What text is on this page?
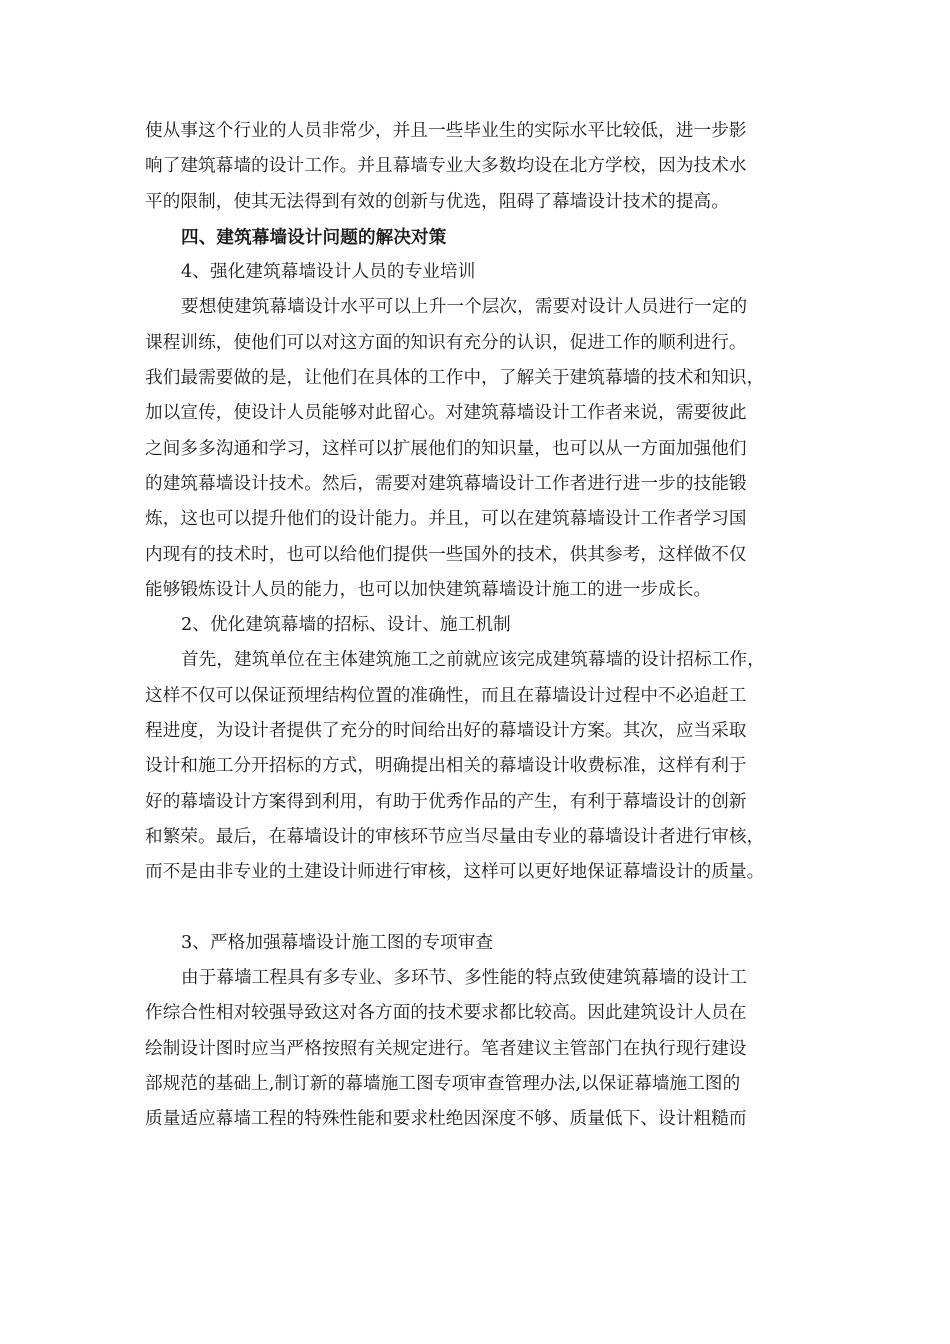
使从事这个行业的人员非常少，并且一些毕业生的实际水平比较低，进一步影
响了建筑幕墙的设计工作。并且幕墙专业大多数均设在北方学校，因为技术水
平的限制，使其无法得到有效的创新与优选，阻碍了幕墙设计技术的提高。
四、建筑幕墙设计问题的解决对策
4、强化建筑幕墙设计人员的专业培训
要想使建筑幕墙设计水平可以上升一个层次，需要对设计人员进行一定的
课程训练，使他们可以对这方面的知识有充分的认识，促进工作的顺利进行。
我们最需要做的是，让他们在具体的工作中，了解关于建筑幕墙的技术和知识，
加以宣传，使设计人员能够对此留心。对建筑幕墙设计工作者来说，需要彼此
之间多多沟通和学习，这样可以扩展他们的知识量，也可以从一方面加强他们
的建筑幕墙设计技术。然后，需要对建筑幕墙设计工作者进行进一步的技能锻
炼，这也可以提升他们的设计能力。并且，可以在建筑幕墙设计工作者学习国
内现有的技术时，也可以给他们提供一些国外的技术，供其参考，这样做不仅
能够锻炼设计人员的能力，也可以加快建筑幕墙设计施工的进一步成长。
2、优化建筑幕墙的招标、设计、施工机制
首先，建筑单位在主体建筑施工之前就应该完成建筑幕墙的设计招标工作，
这样不仅可以保证预埋结构位置的准确性，而且在幕墙设计过程中不必追赶工
程进度，为设计者提供了充分的时间给出好的幕墙设计方案。其次，应当采取
设计和施工分开招标的方式，明确提出相关的幕墙设计收费标准，这样有利于
好的幕墙设计方案得到利用，有助于优秀作品的产生，有利于幕墙设计的创新
和繁荣。最后，在幕墙设计的审核环节应当尽量由专业的幕墙设计者进行审核，
而不是由非专业的土建设计师进行审核，这样可以更好地保证幕墙设计的质量。
3、严格加强幕墙设计施工图的专项审查
由于幕墙工程具有多专业、多环节、多性能的特点致使建筑幕墙的设计工
作综合性相对较强导致这对各方面的技术要求都比较高。因此建筑设计人员在
绘制设计图时应当严格按照有关规定进行。笔者建议主管部门在执行现行建设
部规范的基础上,制订新的幕墙施工图专项审查管理办法,以保证幕墙施工图的
质量适应幕墙工程的特殊性能和要求杜绝因深度不够、质量低下、设计粗糙而
